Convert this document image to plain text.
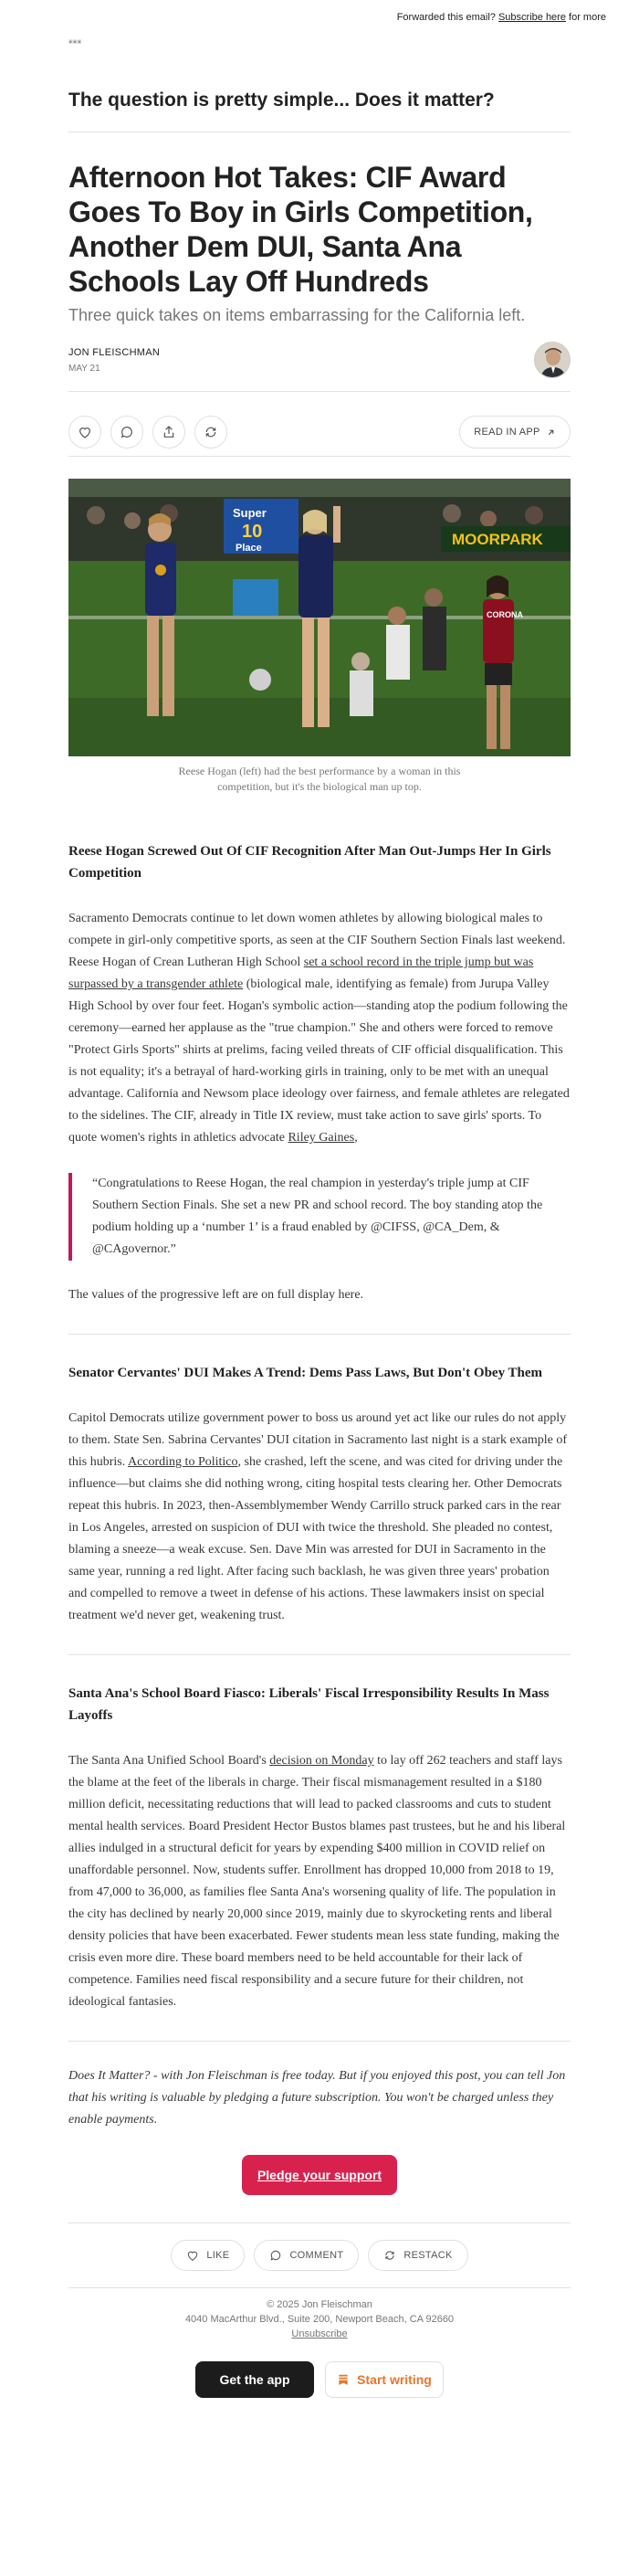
Forwarded this email? Subscribe here for more
▣▣▣
The question is pretty simple... Does it matter?
Afternoon Hot Takes: CIF Award Goes To Boy in Girls Competition, Another Dem DUI, Santa Ana Schools Lay Off Hundreds
Three quick takes on items embarrassing for the California left.
JON FLEISCHMAN
MAY 21
READ IN APP
Super
10
Place	MOORPARK
CORONA
Reese Hogan (left) had the best performance by a woman in this competition, but it's the biological man up top.
Reese Hogan Screwed Out Of CIF Recognition After Man Out-Jumps Her In Girls Competition

Sacramento Democrats continue to let down women athletes by allowing biological males to compete in girl-only competitive sports, as seen at the CIF Southern Section Finals last weekend. Reese Hogan of Crean Lutheran High School set a school record in the triple jump but was surpassed by a transgender athlete (biological male, identifying as female) from Jurupa Valley High School by over four feet. Hogan's symbolic action—standing atop the podium following the ceremony—earned her applause as the "true champion." She and others were forced to remove "Protect Girls Sports" shirts at prelims, facing veiled threats of CIF official disqualification. This is not equality; it's a betrayal of hard-working girls in training, only to be met with an unequal advantage. California and Newsom place ideology over fairness, and female athletes are relegated to the sidelines. The CIF, already in Title IX review, must take action to save girls' sports. To quote women's rights in athletics advocate Riley Gaines,

“Congratulations to Reese Hogan, the real champion in yesterday's triple jump at CIF Southern Section Finals. She set a new PR and school record. The boy standing atop the podium holding up a ‘number 1’ is a fraud enabled by @CIFSS, @CA_Dem, & @CAgovernor.”

The values of the progressive left are on full display here.

Senator Cervantes' DUI Makes A Trend: Dems Pass Laws, But Don't Obey Them

Capitol Democrats utilize government power to boss us around yet act like our rules do not apply to them. State Sen. Sabrina Cervantes' DUI citation in Sacramento last night is a stark example of this hubris. According to Politico, she crashed, left the scene, and was cited for driving under the influence—but claims she did nothing wrong, citing hospital tests clearing her. Other Democrats repeat this hubris. In 2023, then-Assemblymember Wendy Carrillo struck parked cars in the rear in Los Angeles, arrested on suspicion of DUI with twice the threshold. She pleaded no contest, blaming a sneeze—a weak excuse. Sen. Dave Min was arrested for DUI in Sacramento in the same year, running a red light. After facing such backlash, he was given three years' probation and compelled to remove a tweet in defense of his actions. These lawmakers insist on special treatment we'd never get, weakening trust.

Santa Ana's School Board Fiasco: Liberals' Fiscal Irresponsibility Results In Mass Layoffs

The Santa Ana Unified School Board's decision on Monday to lay off 262 teachers and staff lays the blame at the feet of the liberals in charge. Their fiscal mismanagement resulted in a $180 million deficit, necessitating reductions that will lead to packed classrooms and cuts to student mental health services. Board President Hector Bustos blames past trustees, but he and his liberal allies indulged in a structural deficit for years by expending $400 million in COVID relief on unaffordable personnel. Now, students suffer. Enrollment has dropped 10,000 from 2018 to 19, from 47,000 to 36,000, as families flee Santa Ana's worsening quality of life. The population in the city has declined by nearly 20,000 since 2019, mainly due to skyrocketing rents and liberal density policies that have been exacerbated. Fewer students mean less state funding, making the crisis even more dire. These board members need to be held accountable for their lack of competence. Families need fiscal responsibility and a secure future for their children, not ideological fantasies.

Does It Matter? - with Jon Fleischman is free today. But if you enjoyed this post, you can tell Jon that his writing is valuable by pledging a future subscription. You won't be charged unless they enable payments.

Pledge your support
LIKE	COMMENT	RESTACK
© 2025 Jon Fleischman
4040 MacArthur Blvd., Suite 200, Newport Beach, CA 92660
Unsubscribe
Get the app	Start writing
